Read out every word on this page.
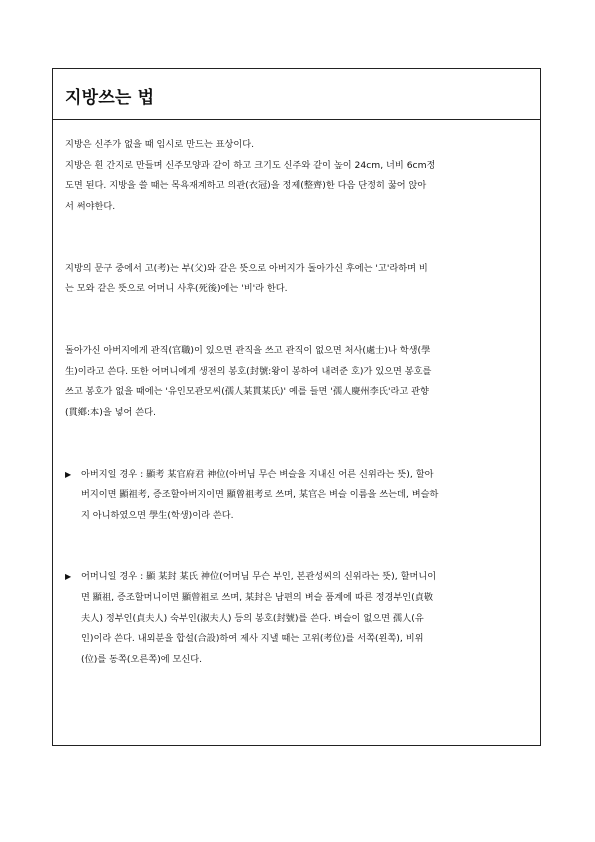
지방쓰는 법
지방은 신주가 없을 때 임시로 만드는 표상이다.
지방은 흰 간지로 만들며 신주모양과 같이 하고 크기도 신주와 같이 높이 24cm, 너비 6cm정
도면 된다. 지방을 쓸 때는 목욕재계하고 의관(衣冠)을 정제(整齊)한 다음 단정히 꿇어 앉아
서 써야한다.
지방의 문구 중에서 고(考)는 부(父)와 같은 뜻으로 아버지가 돌아가신 후에는 '고'라하며 비
는 모와 같은 뜻으로 어머니 사후(死後)에는 '비'라 한다.
돌아가신 아버지에게 관직(官職)이 있으면 관직을 쓰고 관직이 없으면 처사(處士)나 학생(學
生)이라고 쓴다. 또한 어머니에게 생전의 봉호(封號:왕이 봉하여 내려준 호)가 있으면 봉호를
쓰고 봉호가 없을 때에는 '유인모관모씨(孺人某貫某氏)' 예를 들면 '孺人慶州李氏'라고 관향
(貫鄕:本)을 넣어 쓴다.
▶ 아버지일 경우 : 顯考 某官府君 神位(아버님 무슨 벼슬을 지내신 어른 신위라는 뜻), 할아
버지이면 顯祖考, 증조할아버지이면 顯曾祖考로 쓰며, 某官은 벼슬 이름을 쓰는데, 벼슬하
지 아니하였으면 學生(학생)이라 쓴다.
▶ 어머니일 경우 : 顯 某封 某氏 神位(어머님 무슨 부인, 본관성씨의 신위라는 뜻), 할머니이
면 顯祖, 증조할머니이면 顯曾祖로 쓰며, 某封은 남편의 벼슬 품계에 따른 정경부인(貞敬
夫人) 정부인(貞夫人) 숙부인(淑夫人) 등의 봉호(封號)를 쓴다. 벼슬이 없으면 孺人(유
인)이라 쓴다. 내외분을 합설(合設)하여 제사 지낼 때는 고위(考位)를 서쪽(왼쪽), 비위
(位)를 동쪽(오른쪽)에 모신다.
